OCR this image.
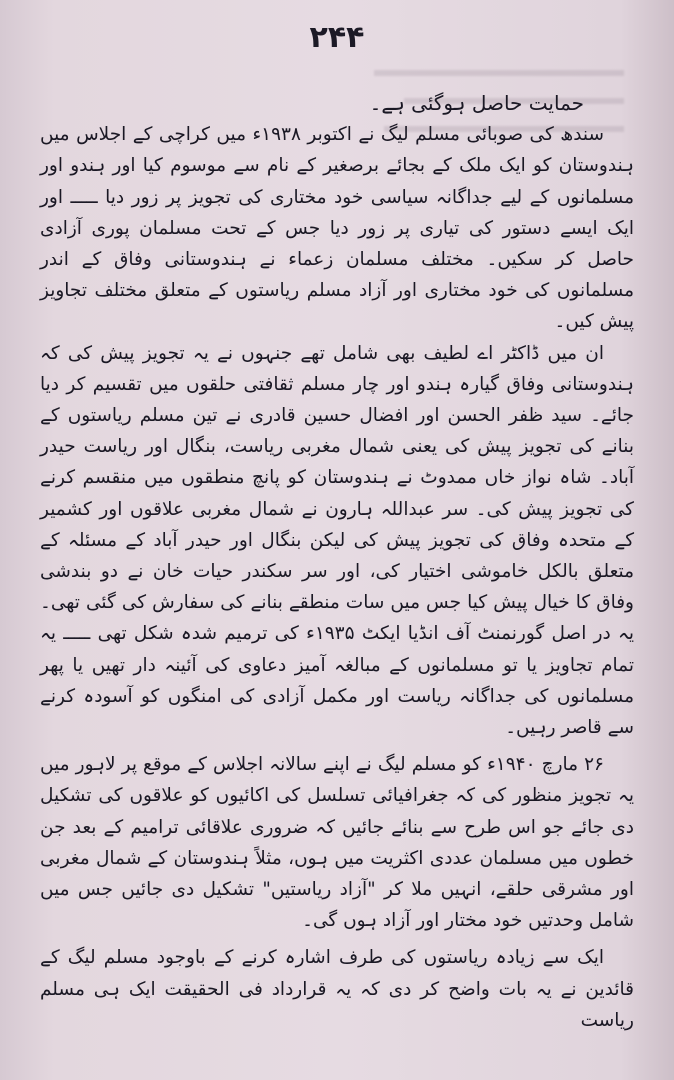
۲۴۴

حمایت حاصل ہوگئی ہے۔

سندھ کی صوبائی مسلم لیگ نے اکتوبر ۱۹۳۸ء میں کراچی کے اجلاس میں ہندوستان کو ایک ملک کے بجائے برصغیر کے نام سے موسوم کیا اور ہندو اور مسلمانوں کے لیے جداگانہ سیاسی خود مختاری کی تجویز پر زور دیا ـــــ اور ایک ایسے دستور کی تیاری پر زور دیا جس کے تحت مسلمان پوری آزادی حاصل کر سکیں۔ مختلف مسلمان زعماء نے ہندوستانی وفاق کے اندر مسلمانوں کی خود مختاری اور آزاد مسلم ریاستوں کے متعلق مختلف تجاویز پیش کیں۔

ان میں ڈاکٹر اے لطیف بھی شامل تھے جنہوں نے یہ تجویز پیش کی کہ ہندوستانی وفاق گیارہ ہندو اور چار مسلم ثقافتی حلقوں میں تقسیم کر دیا جائے۔ سید ظفر الحسن اور افضال حسین قادری نے تین مسلم ریاستوں کے بنانے کی تجویز پیش کی یعنی شمال مغربی ریاست، بنگال اور ریاست حیدر آباد۔ شاہ نواز خاں ممدوٹ نے ہندوستان کو پانچ منطقوں میں منقسم کرنے کی تجویز پیش کی۔ سر عبداللہ ہارون نے شمال مغربی علاقوں اور کشمیر کے متحدہ وفاق کی تجویز پیش کی لیکن بنگال اور حیدر آباد کے مسئلہ کے متعلق بالکل خاموشی اختیار کی، اور سر سکندر حیات خان نے دو بندشی وفاق کا خیال پیش کیا جس میں سات منطقے بنانے کی سفارش کی گئی تھی۔ یہ در اصل گورنمنٹ آف انڈیا ایکٹ ۱۹۳۵ء کی ترمیم شدہ شکل تھی ـــــ یہ تمام تجاویز یا تو مسلمانوں کے مبالغہ آمیز دعاوی کی آئینہ دار تھیں یا پھر مسلمانوں کی جداگانہ ریاست اور مکمل آزادی کی امنگوں کو آسودہ کرنے سے قاصر رہیں۔

۲۶ مارچ ۱۹۴۰ء کو مسلم لیگ نے اپنے سالانہ اجلاس کے موقع پر لاہور میں یہ تجویز منظور کی کہ جغرافیائی تسلسل کی اکائیوں کو علاقوں کی تشکیل دی جائے جو اس طرح سے بنائے جائیں کہ ضروری علاقائی ترامیم کے بعد جن خطوں میں مسلمان عددی اکثریت میں ہوں، مثلاً ہندوستان کے شمال مغربی اور مشرقی حلقے، انہیں ملا کر "آزاد ریاستیں" تشکیل دی جائیں جس میں شامل وحدتیں خود مختار اور آزاد ہوں گی۔

ایک سے زیادہ ریاستوں کی طرف اشارہ کرنے کے باوجود مسلم لیگ کے قائدین نے یہ بات واضح کر دی کہ یہ قرارداد فی الحقیقت ایک ہی مسلم ریاست
